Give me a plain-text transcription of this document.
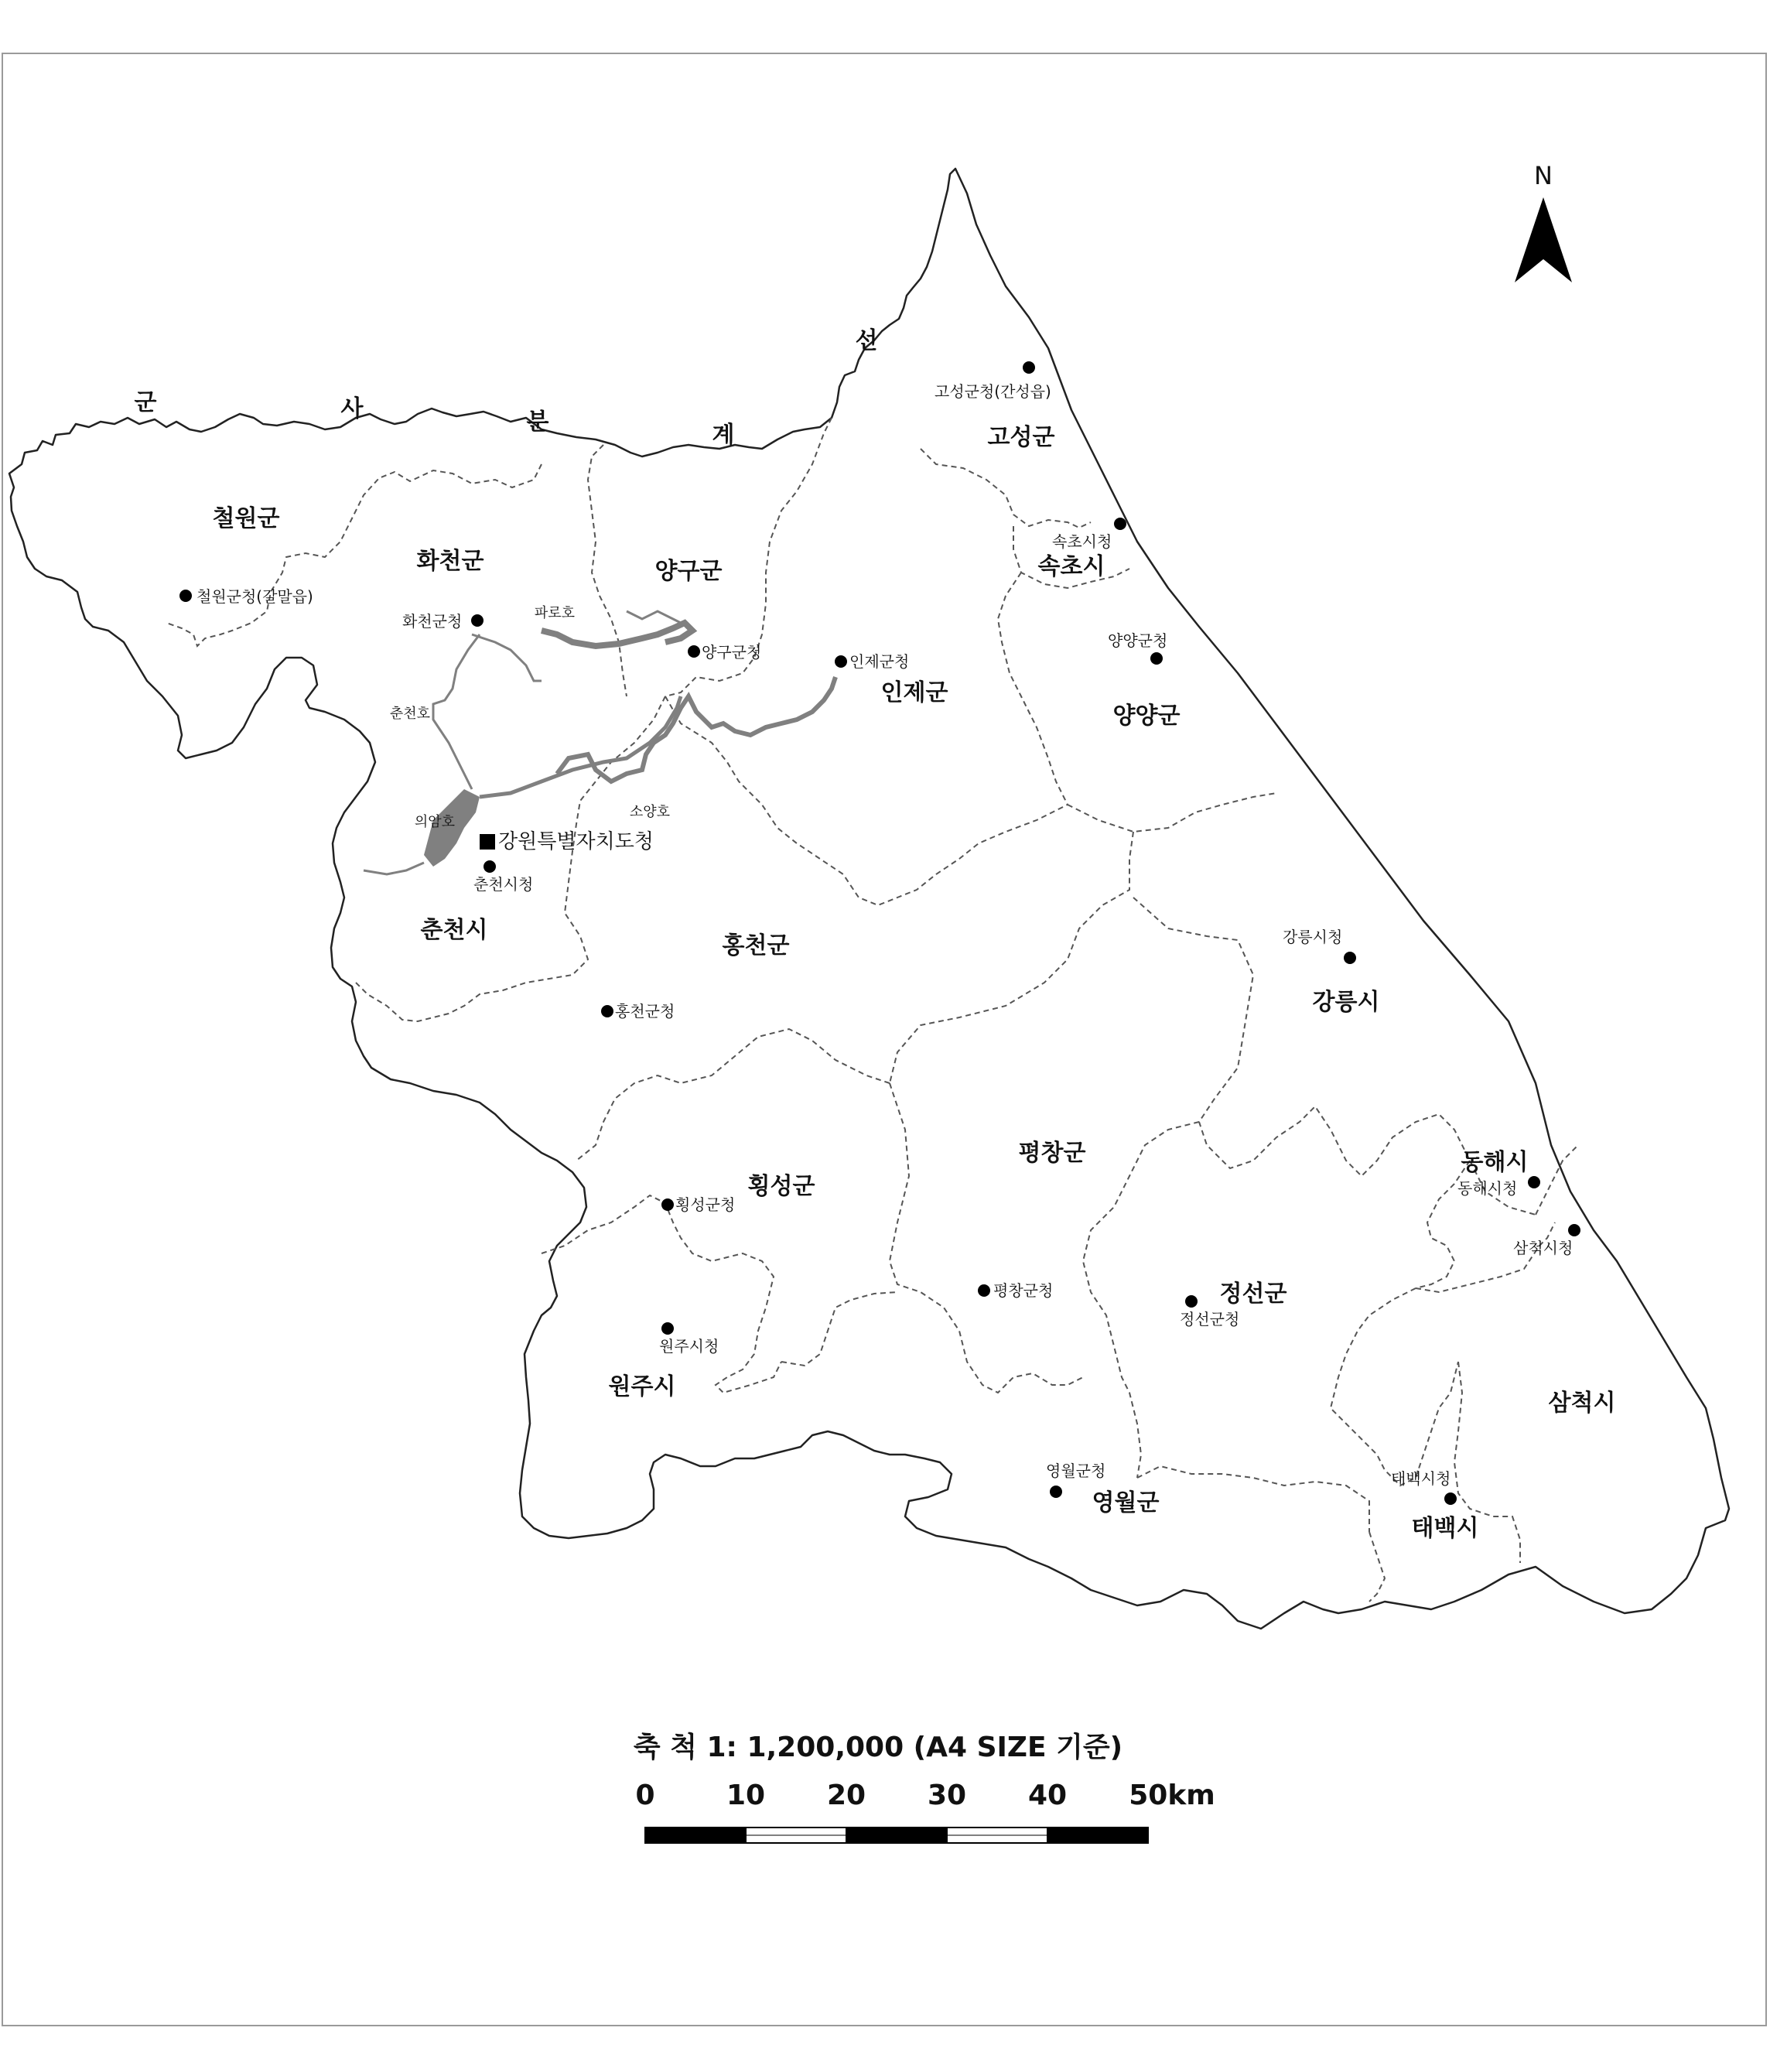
N
군	사	분	계
선
철원군
화천군	양구군
인제군
고성군
속초시
양양군
춘천시
홍천군
강릉시
평창군
횡성군
원주시
정선군
동해시
삼척시
태백시
영월군
고성군청(간성읍)
속초시청
철원군청(갈말읍)
화천군청
양구군청	인제군청
양양군청
춘천시청
홍천군청
강릉시청
횡성군청
평창군청
정선군청
원주시청
동해시청
삼척시청
태백시청
영월군청
강원특별자치도청
파로호
춘천호
의암호
소양호
축 척 1: 1,200,000 (A4 SIZE 기준)
0	10 20 30 40 50km
